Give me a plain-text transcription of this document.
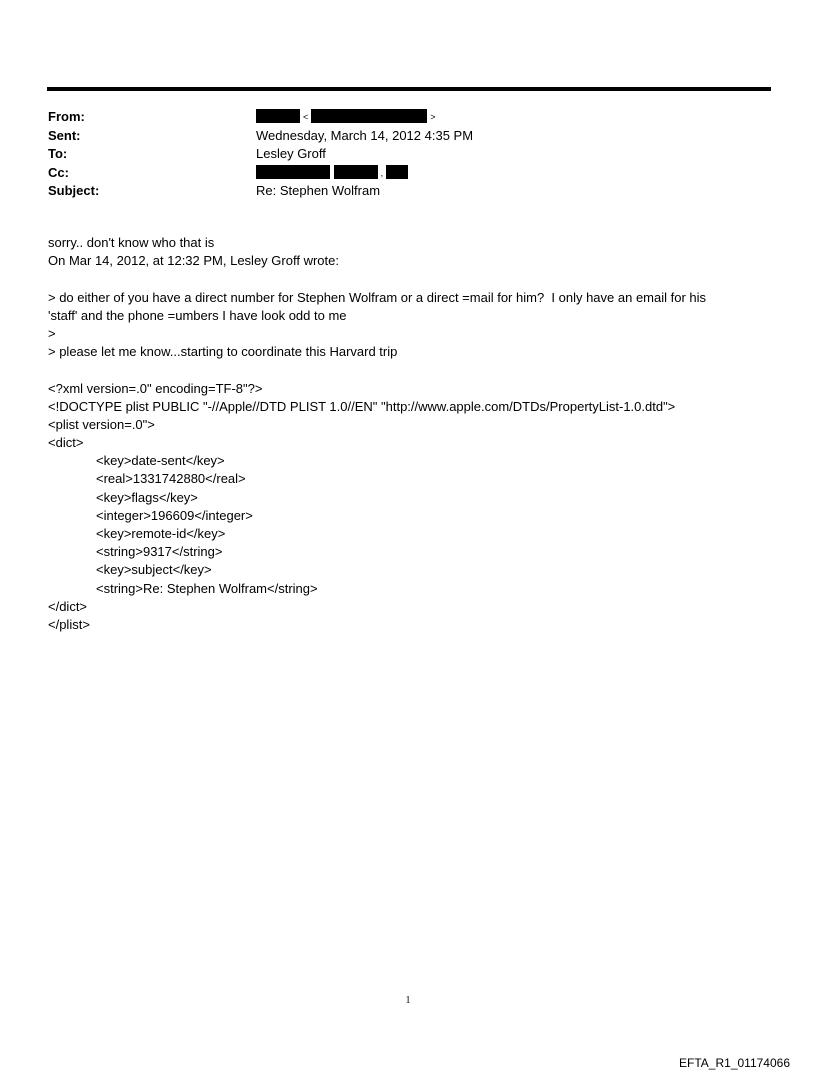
From:	<	>
Sent:	Wednesday, March 14, 2012 4:35 PM
To:	Lesley Groff
Cc:	,
Subject:	Re: Stephen Wolfram
sorry.. don't know who that is
On Mar 14, 2012, at 12:32 PM, Lesley Groff wrote:
> do either of you have a direct number for Stephen Wolfram or a direct =mail for him?  I only have an email for his
'staff' and the phone =umbers I have look odd to me
>
> please let me know...starting to coordinate this Harvard trip
<?xml version=.0" encoding=TF-8"?>
<!DOCTYPE plist PUBLIC "-//Apple//DTD PLIST 1.0//EN" "http://www.apple.com/DTDs/PropertyList-1.0.dtd">
<plist version=.0">
<dict>
<key>date-sent</key>
<real>1331742880</real>
<key>flags</key>
<integer>196609</integer>
<key>remote-id</key>
<string>9317</string>
<key>subject</key>
<string>Re: Stephen Wolfram</string>
</dict>
</plist>
1
EFTA_R1_01174066
